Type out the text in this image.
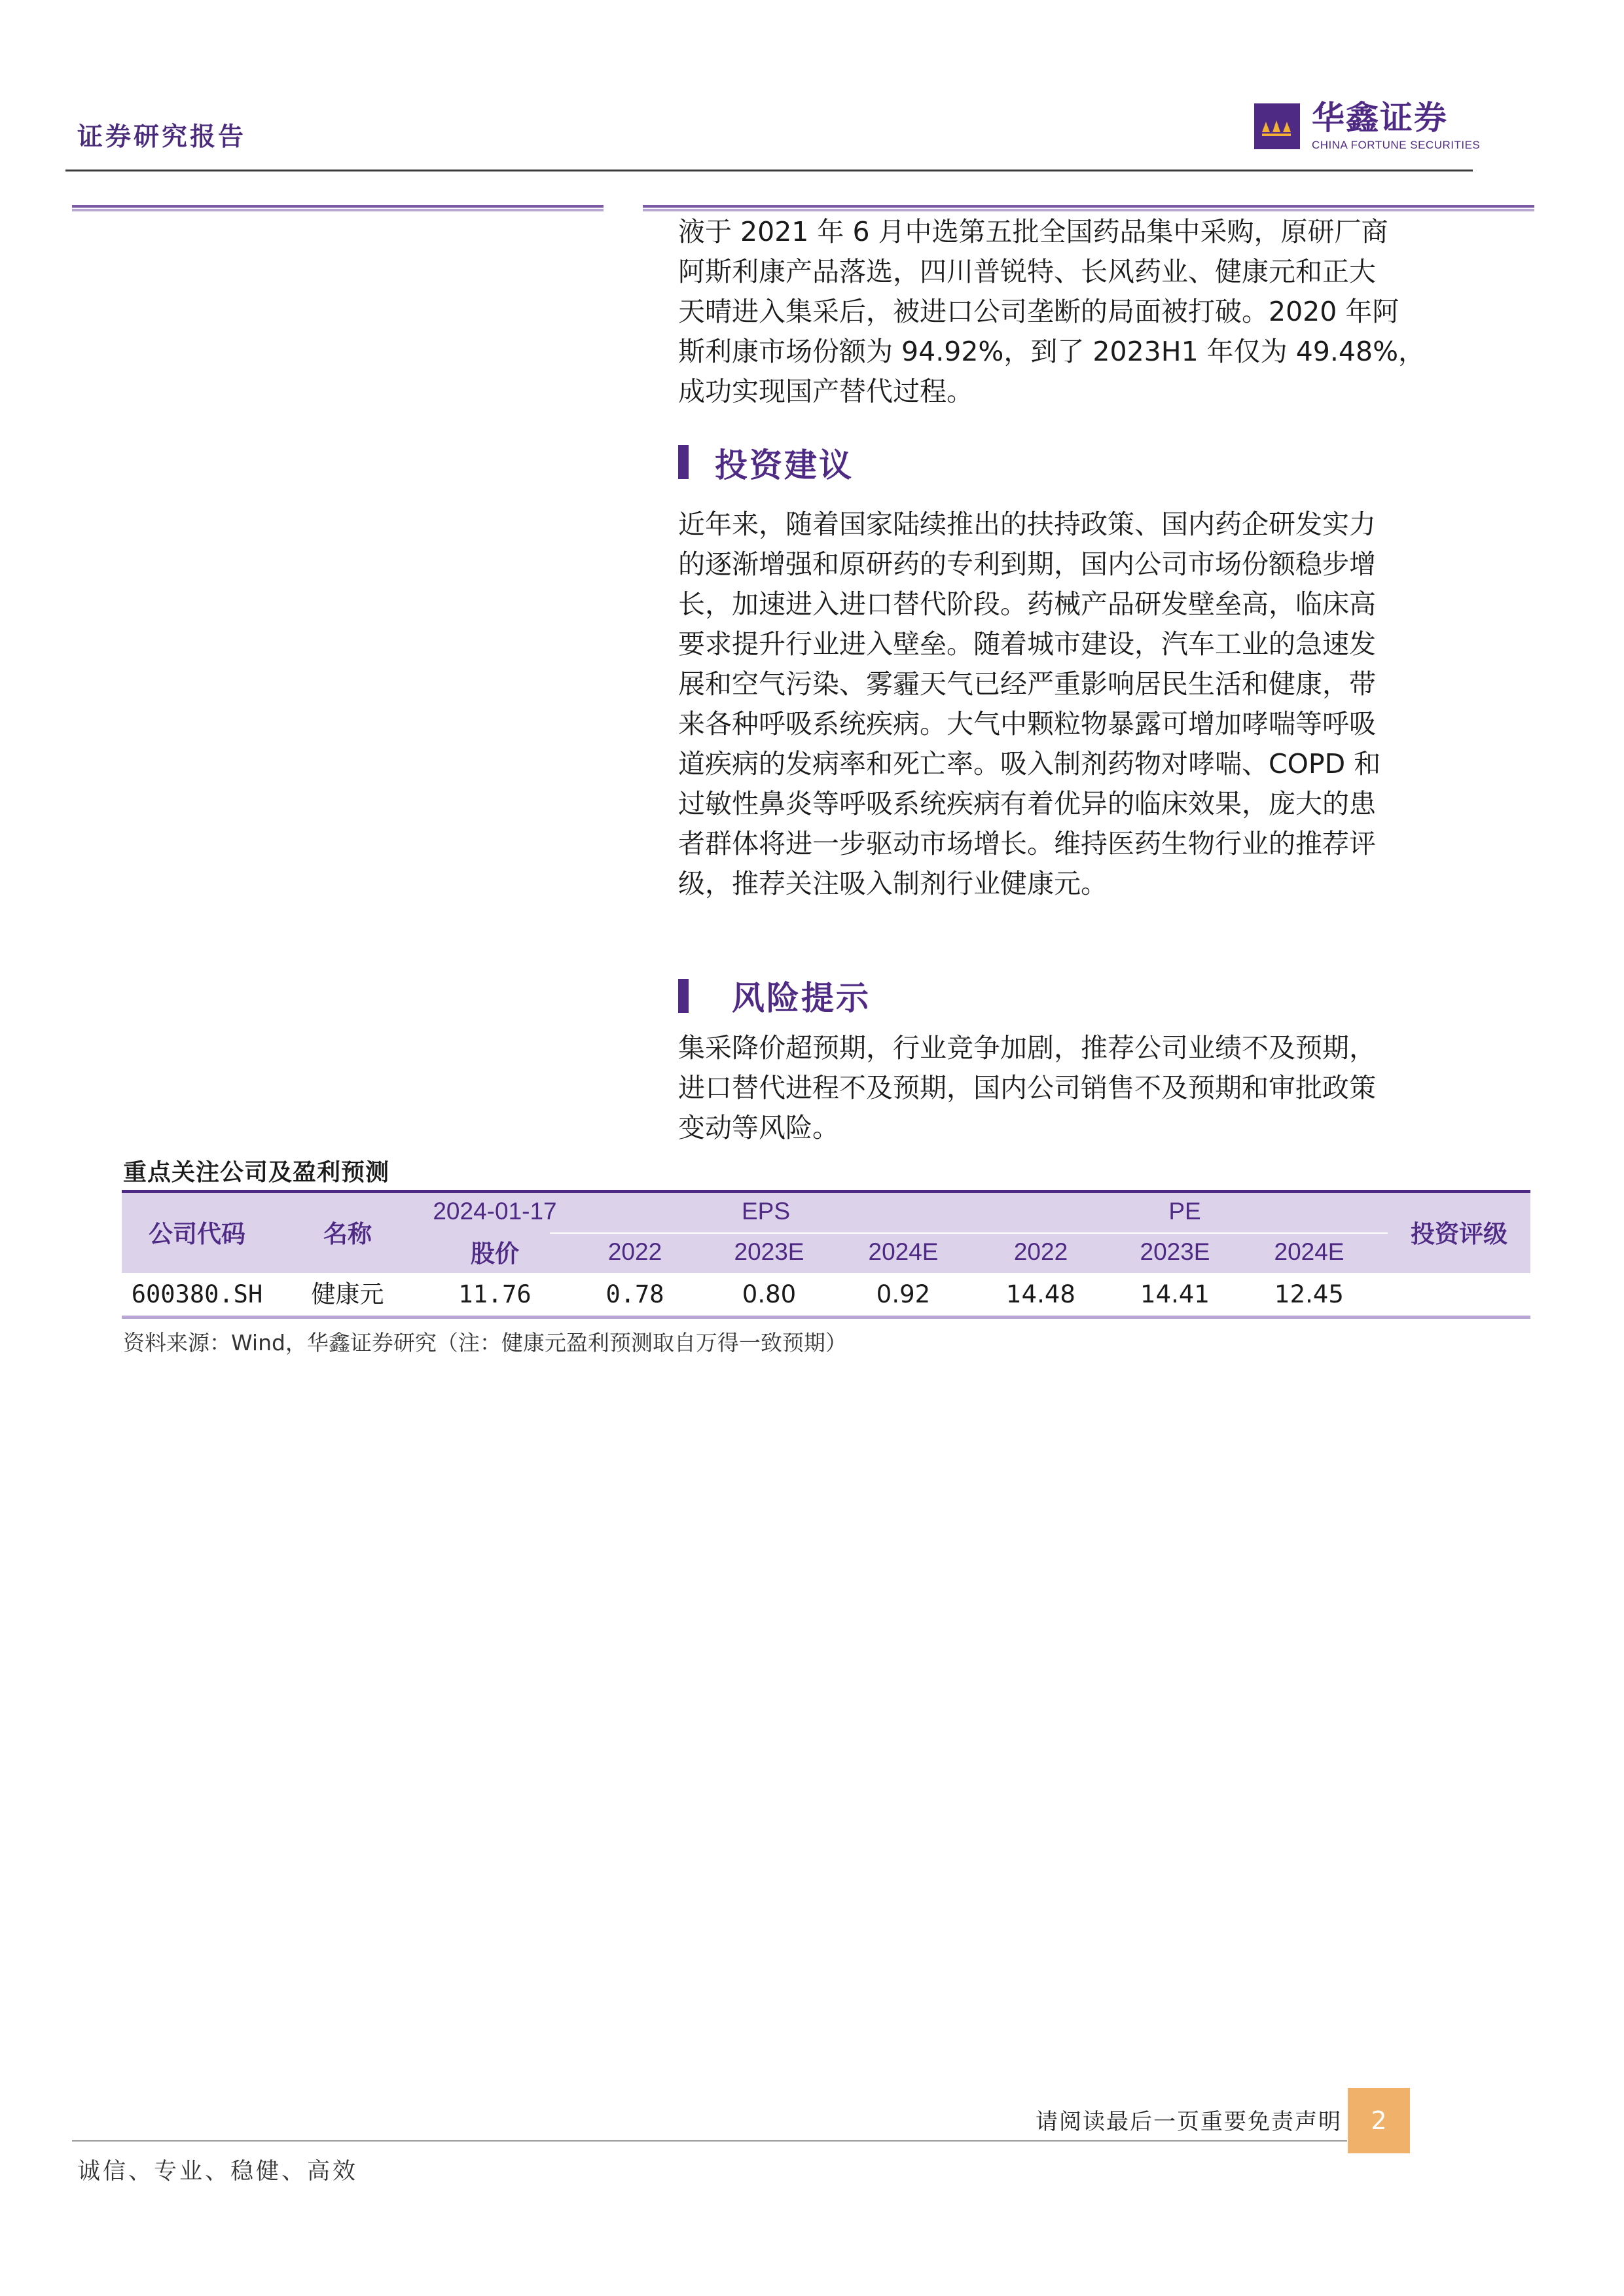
证券研究报告
华鑫证券
CHINA FORTUNE SECURITIES

液于 2021 年 6 月中选第五批全国药品集中采购，原研厂商

阿斯利康产品落选，四川普锐特、长风药业、健康元和正大

天晴进入集采后，被进口公司垄断的局面被打破。2020 年阿

斯利康市场份额为 94.92%，到了 2023H1 年仅为 49.48%，

成功实现国产替代过程。

投资建议

近年来，随着国家陆续推出的扶持政策、国内药企研发实力

的逐渐增强和原研药的专利到期，国内公司市场份额稳步增

长，加速进入进口替代阶段。药械产品研发壁垒高，临床高

要求提升行业进入壁垒。随着城市建设，汽车工业的急速发

展和空气污染、雾霾天气已经严重影响居民生活和健康，带

来各种呼吸系统疾病。大气中颗粒物暴露可增加哮喘等呼吸

道疾病的发病率和死亡率。吸入制剂药物对哮喘、COPD 和

过敏性鼻炎等呼吸系统疾病有着优异的临床效果，庞大的患

者群体将进一步驱动市场增长。维持医药生物行业的推荐评

级，推荐关注吸入制剂行业健康元。

风险提示

集采降价超预期，行业竞争加剧，推荐公司业绩不及预期，

进口替代进程不及预期，国内公司销售不及预期和审批政策

变动等风险。

重点关注公司及盈利预测
公司代码	名称
2024-01-17
股价
EPS	PE
投资评级
2022	2023E	2024E	2022	2023E	2024E
600380.SH	健康元	11.76	0.78	0.80	0.92	14.48	14.41	12.45
资料来源：Wind，华鑫证券研究（注：健康元盈利预测取自万得一致预期）
请阅读最后一页重要免责声明	2
诚信、专业、稳健、高效
